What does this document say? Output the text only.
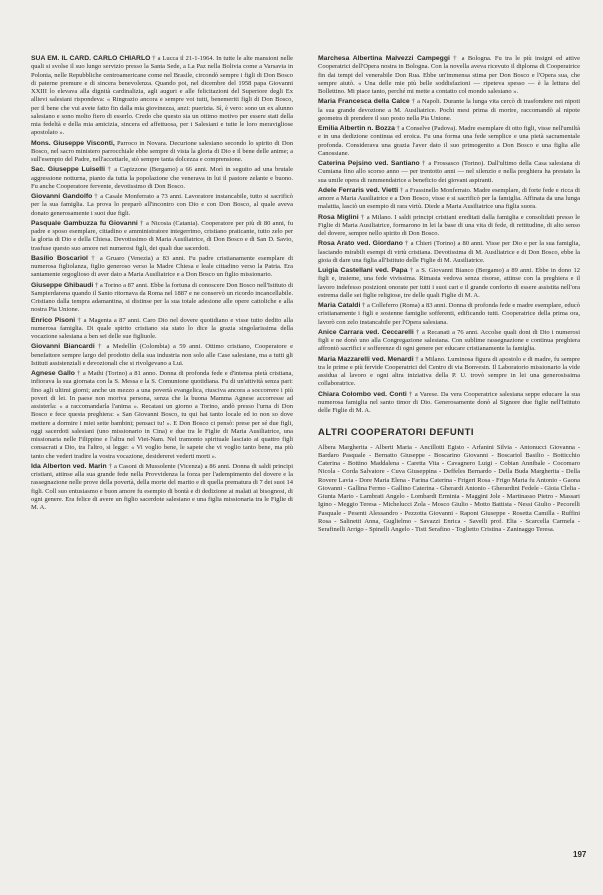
SUA EM. IL CARD. CARLO CHIARLO † a Lucca il 21-1-1964. In tutte le alte mansioni nelle quali si svolse il suo lungo servizio presso la Santa Sede, a La Paz nella Bolivia come a Varsavia in Polonia, nelle Repubbliche centroamericane come nel Brasile, circondò sempre i figli di Don Bosco di paterne premure e di sincera benevolenza. Quando poi, nel dicembre del 1958 papa Giovanni XXIII lo elevava alla dignità cardinalizia, agli auguri e alle felicitazioni del Superiore degli Ex allievi salesiani rispondeva: « Ringrazio ancora e sempre voi tutti, benemeriti figli di Don Bosco, per il bene che vui avete fatto fin dalla mia giovinezza, anzi: puerizia. Sì, è vero: sono un ex alunno salesiano e sono molto fiero di esserlo. Credo che questo sia un ottimo motivo per essere stati della mia fedeltà e della mia amicizia, sincera ed affettuosa, per i Salesiani e tutte le loro meravigliose apostolato ».

Mons. Giuseppe Visconti, Parroco in Novara. Decurione salesiano secondo lo spirito di Don Bosco, nel sacro ministero parrocchiale ebbe sempre di vista la gloria di Dio e il bene delle anime; a sull'esempio del Padre, nell'accettarle, stò sempre tanta dolcezza e comprensione.

Sac. Giuseppe Luiselli † a Capizzone (Bergamo) a 66 anni. Morì in seguito ad una brutale aggressione notturna, pianto da tutta la popolazione che venerava in lui il pastore zelante e buono. Fu anche Cooperatore fervente, devotissimo di Don Bosco.

Giovanni Gandolfo † a Casale Monferrato a 73 anni. Lavoratore instancabile, tutto si sacrificò per la sua famiglia. La prova lo preparò all'incontro con Dio e con Don Bosco, al quale aveva donato generosamente i suoi due figli.

Pasquale Gambuzza fu Giovanni † a Nicosia (Catania). Cooperatore per più di 80 anni, fu padre e sposo esemplare, cittadino e amministratore integerrimo, cristiano praticante, tutto zelo per la gloria di Dio e della Chiesa. Devotissimo di Maria Ausiliatrice, di Don Bosco e di San D. Savio, trasfuse questo suo amore nei numerosi figli, dei quali due sacerdoti.

Basilio Boscariol † a Gruaro (Venezia) a 83 anni. Fu padre cristianamente esemplare di numerosa figliolanza, figlio generoso verso la Madre Chiesa e leale cittadino verso la Patria. Era santamente orgoglioso di aver dato a Maria Ausiliatrice e a Don Bosco un figlio missionario.

Giuseppe Ghibaudi † a Torino a 87 anni. Ebbe la fortuna di conoscere Don Bosco nell'Istituto di Sampierdarena quando il Santo ritornava da Roma nel 1887 e ne conservò un ricordo incancellabile. Cristiano dalla tempra adamantina, si distinse per la sua totale adesione alle opere cattoliche e alla nostra Pia Unione.

Enrico Pisoni † a Magenta a 87 anni. Caro Dio nel dovere quotidiano e visse tutto dedito alla numerosa famiglia. Di quale spirito cristiano sia stato lo dice la grazia singolarissima della vocazione salesiana a ben sei delle sue figliuole.

Giovanni Biancardi † a Medellín (Colombia) a 59 anni. Ottimo cristiano, Cooperatore e benefattore sempre largo del prodotto della sua industria non solo alle Case salesiane, ma a tutti gli Istituti assistenziali e devozionali che si rivolgevano a Lui.

Agnese Gallo † a Mathi (Torino) a 81 anno. Donna di profonda fede e d'intensa pietà cristiana, infiorava la sua giornata con la S. Messa e la S. Comunione quotidiana. Fu di un'attività senza pari: fino agli ultimi giorni; anche un mezzo a una povertà evangelica, riusciva ancora a soccorrere i più poveri di lei. In paese non morivа persona, senza che la buona Mamma Agnese accorresse ad assisterla: « a raccomandarla l'anima ». Recatasi un giorno a Torino, andò presso l'urna di Don Bosco e fece questa preghiera: « San Giovanni Bosco, tu qui hai tanto locale ed io non so dove mettere a dormire i miei sette bambini; pensaci tu! ». E Don Bosco ci pensò: prese per sé due figli, oggi sacerdoti salesiani (uno missionario in Cina) e due tra le Figlie di Maria Ausiliatrice, una missionaria nelle Filippine e l'altra nel Viet-Nam. Nel tramonto spirituale lasciato ai quattro figli consacrati a Dio, tra l'altro, si legge: « Vi voglio bene, le sapete che vi voglio tanto bene, ma più tanto che vederi tradire la vostra vocazione, desidererei vederti morti ».

Ida Alberton ved. Marin † a Casoni di Mussolente (Vicenza) a 86 anni. Donna di saldi principi cristiani, attinse alla sua grande fede nella Provvidenza la forza per l'adempimento del dovere e la rassegnazione nelle prove della povertà, della morte del marito e di quella prematura di 7 dei suoi 14 figli. Coll suo entusiasmo e buon amore fu esempio di bontà e di dedizione ai malati ai bisognosi, di ogni genere. Era felice di avere un figlio sacerdote salesiano e una figlia missionaria tra le Figlie di M. A.

Marchesa Albertina Malvezzi Campeggi † a Bologna. Fu tra le più insigni ed attive Cooperatrici dell'Opera nostra in Bologna. Con la novella aveva ricevuto il diploma di Cooperatrice fin dai tempi del venerabile Don Rua. Ebbe un'immensa stima per Don Bosco e l'Opera sua, che sempre aiutò. « Una delle mie più belle soddisfazioni — ripeteva spesso — è la lettura del Bollettino. Mi piace tanto, perché mi mette a contatto col mondo salesiano ».

Maria Francesca della Calce † a Napoli. Durante la lunga vita cercò di trasfondere nei nipoti la sua grande devozione a M. Ausiliatrice. Pochi mesi prima di morire, raccomandò al nipote geometra di prendere il suo posto nella Pia Unione.

Emilia Albertin n. Bozza † a Conselve (Padova). Madre esemplare di otto figli, visse nell'umiltà e in una dedizione continua ed eroica. Fu una forma una fede semplice e una pietà sacramentale profonda. Considerava una grazia l'aver dato il suo primogenito a Don Bosco e una figlia alle Canossiane.

Caterina Pejsino ved. Santiano † a Frossasco (Torino). Dall'ultimo della Casa salesiana di Cumiana fino allo scorso anno — per trentotto anni — nel silenzio e nella preghiera ha prestato la sua umile opera di rammendatrice a beneficio dei giovani aspiranti.

Adele Ferraris ved. Vietti † a Frassinello Monferrato. Madre esemplare, di forte fede e ricca di amore a Maria Ausiliatrice e a Don Bosco, visse e si sacrificò per la famiglia. Affinata da una lunga malattia, lasciò un esempio di rara virtù. Diede a Maria Ausiliatrice una figlia suora.

Rosa Miglini † a Milano. I saldi principi cristiani ereditati dalla famiglia e consolidati presso le Figlie di Maria Ausiliatrice, formarono in lei la base di una vita di fede, di rettitudine, di alto senso del dovere, sempre nello spirito di Don Bosco.

Rosa Arato ved. Giordano † a Chieri (Torino) a 80 anni. Visse per Dio e per la sua famiglia, lasciando mirabili esempi di virtù cristiana. Devotissima di M. Ausiliatrice e di Don Bosco, ebbe la gioia di dare una figlia all'Istituto delle Figlie di M. Ausiliatrice.

Luigia Castellani ved. Papa † a S. Giovanni Bianco (Bergamo) a 89 anni. Ebbe in dono 12 figli e, insieme, una fede vivissima. Rimasta vedova senza risorse, attinse con la preghiera e il lavoro indefesso posizioni onorate per tutti i suoi cari e il grande conforto di essere assistita nell'ora estrema dalle sei figlie religiose, tre delle quali Figlie di M. A.

Maria Cataldi † a Colleferro (Roma) a 83 anni. Donna di profonda fede e madre esemplare, educò cristianamente i figli e sostenne famiglie sofferenti, edificando tutti. Cooperatrice della prima ora, lavorò con zelo instancabile per l'Opera salesiana.

Anice Carrara ved. Ceccarelli † a Recanati a 76 anni. Accolse quali doni di Dio i numerosi figli e ne donò uno alla Congregazione salesiana. Con sublime rassegnazione e continua preghiera affrontò sacrifici e sofferenze di ogni genere per educare cristianamente la famiglia.

Maria Mazzarelli ved. Menardi † a Milano. Luminosa figura di apostolo e di madre, fu sempre tra le prime e più fervide Cooperatrici del Centro di via Bonvesin. Il Laboratorio missionario la vide assidua al lavoro e ogni altra iniziativa della P. U. trovò sempre in lei una generosissima collaboratrice.

Chiara Colombo ved. Conti † a Varese. Da vera Cooperatrice salesiana seppe educare la sua numerosa famiglia nel santo timor di Dio. Generosamente donò al Signore due figlie nell'Istituto delle Figlie di M. A.

ALTRI COOPERATORI DEFUNTI

Albera Margherita - Alberti Maria - Ancillotti Egisto - Arfanini Silvia - Antonucci Giovanna - Bardaro Pasquale - Bernatto Giuseppe - Boscarino Giovanni - Boscariol Basilio - Botticchio Caterina - Bottino Maddalena - Caretta Vita - Cavagnero Luigi - Cobian Annibale - Cocomaro Nicola - Corda Salvatore - Cuva Giuseppina - Deffeles Bernardo - Della Buda Margherita - Della Rovere Lavia - Dore Maria Elena - Farina Caterina - Frigeri Rosa - Frigo Maria fu Antonio - Gaona Giovanni - Gallina Fermo - Gallino Caterina - Gherardi Antonio - Gherardini Fedele - Gioia Clelia - Giunta Mario - Lambrati Angelo - Lombardi Erminia - Maggini Jole - Martinasso Pietro - Massari Igino - Meggio Teresa - Michelucci Zola - Mosco Giulio - Motto Battista - Nessi Giulio - Pecorelli Pasquale - Pesenti Alessandro - Pezzotta Giovanni - Raponi Giuseppe - Rosetta Camilla - Ruffini Rosa - Salinetti Anna, Guglielmo - Savazzi Enrica - Savelli prof. Elia - Scarcella Carmela - Serafinelli Arrigo - Spinelli Angelo - Tisti Serafino - Toglietto Cristina - Zaninaggo Teresa.

197
